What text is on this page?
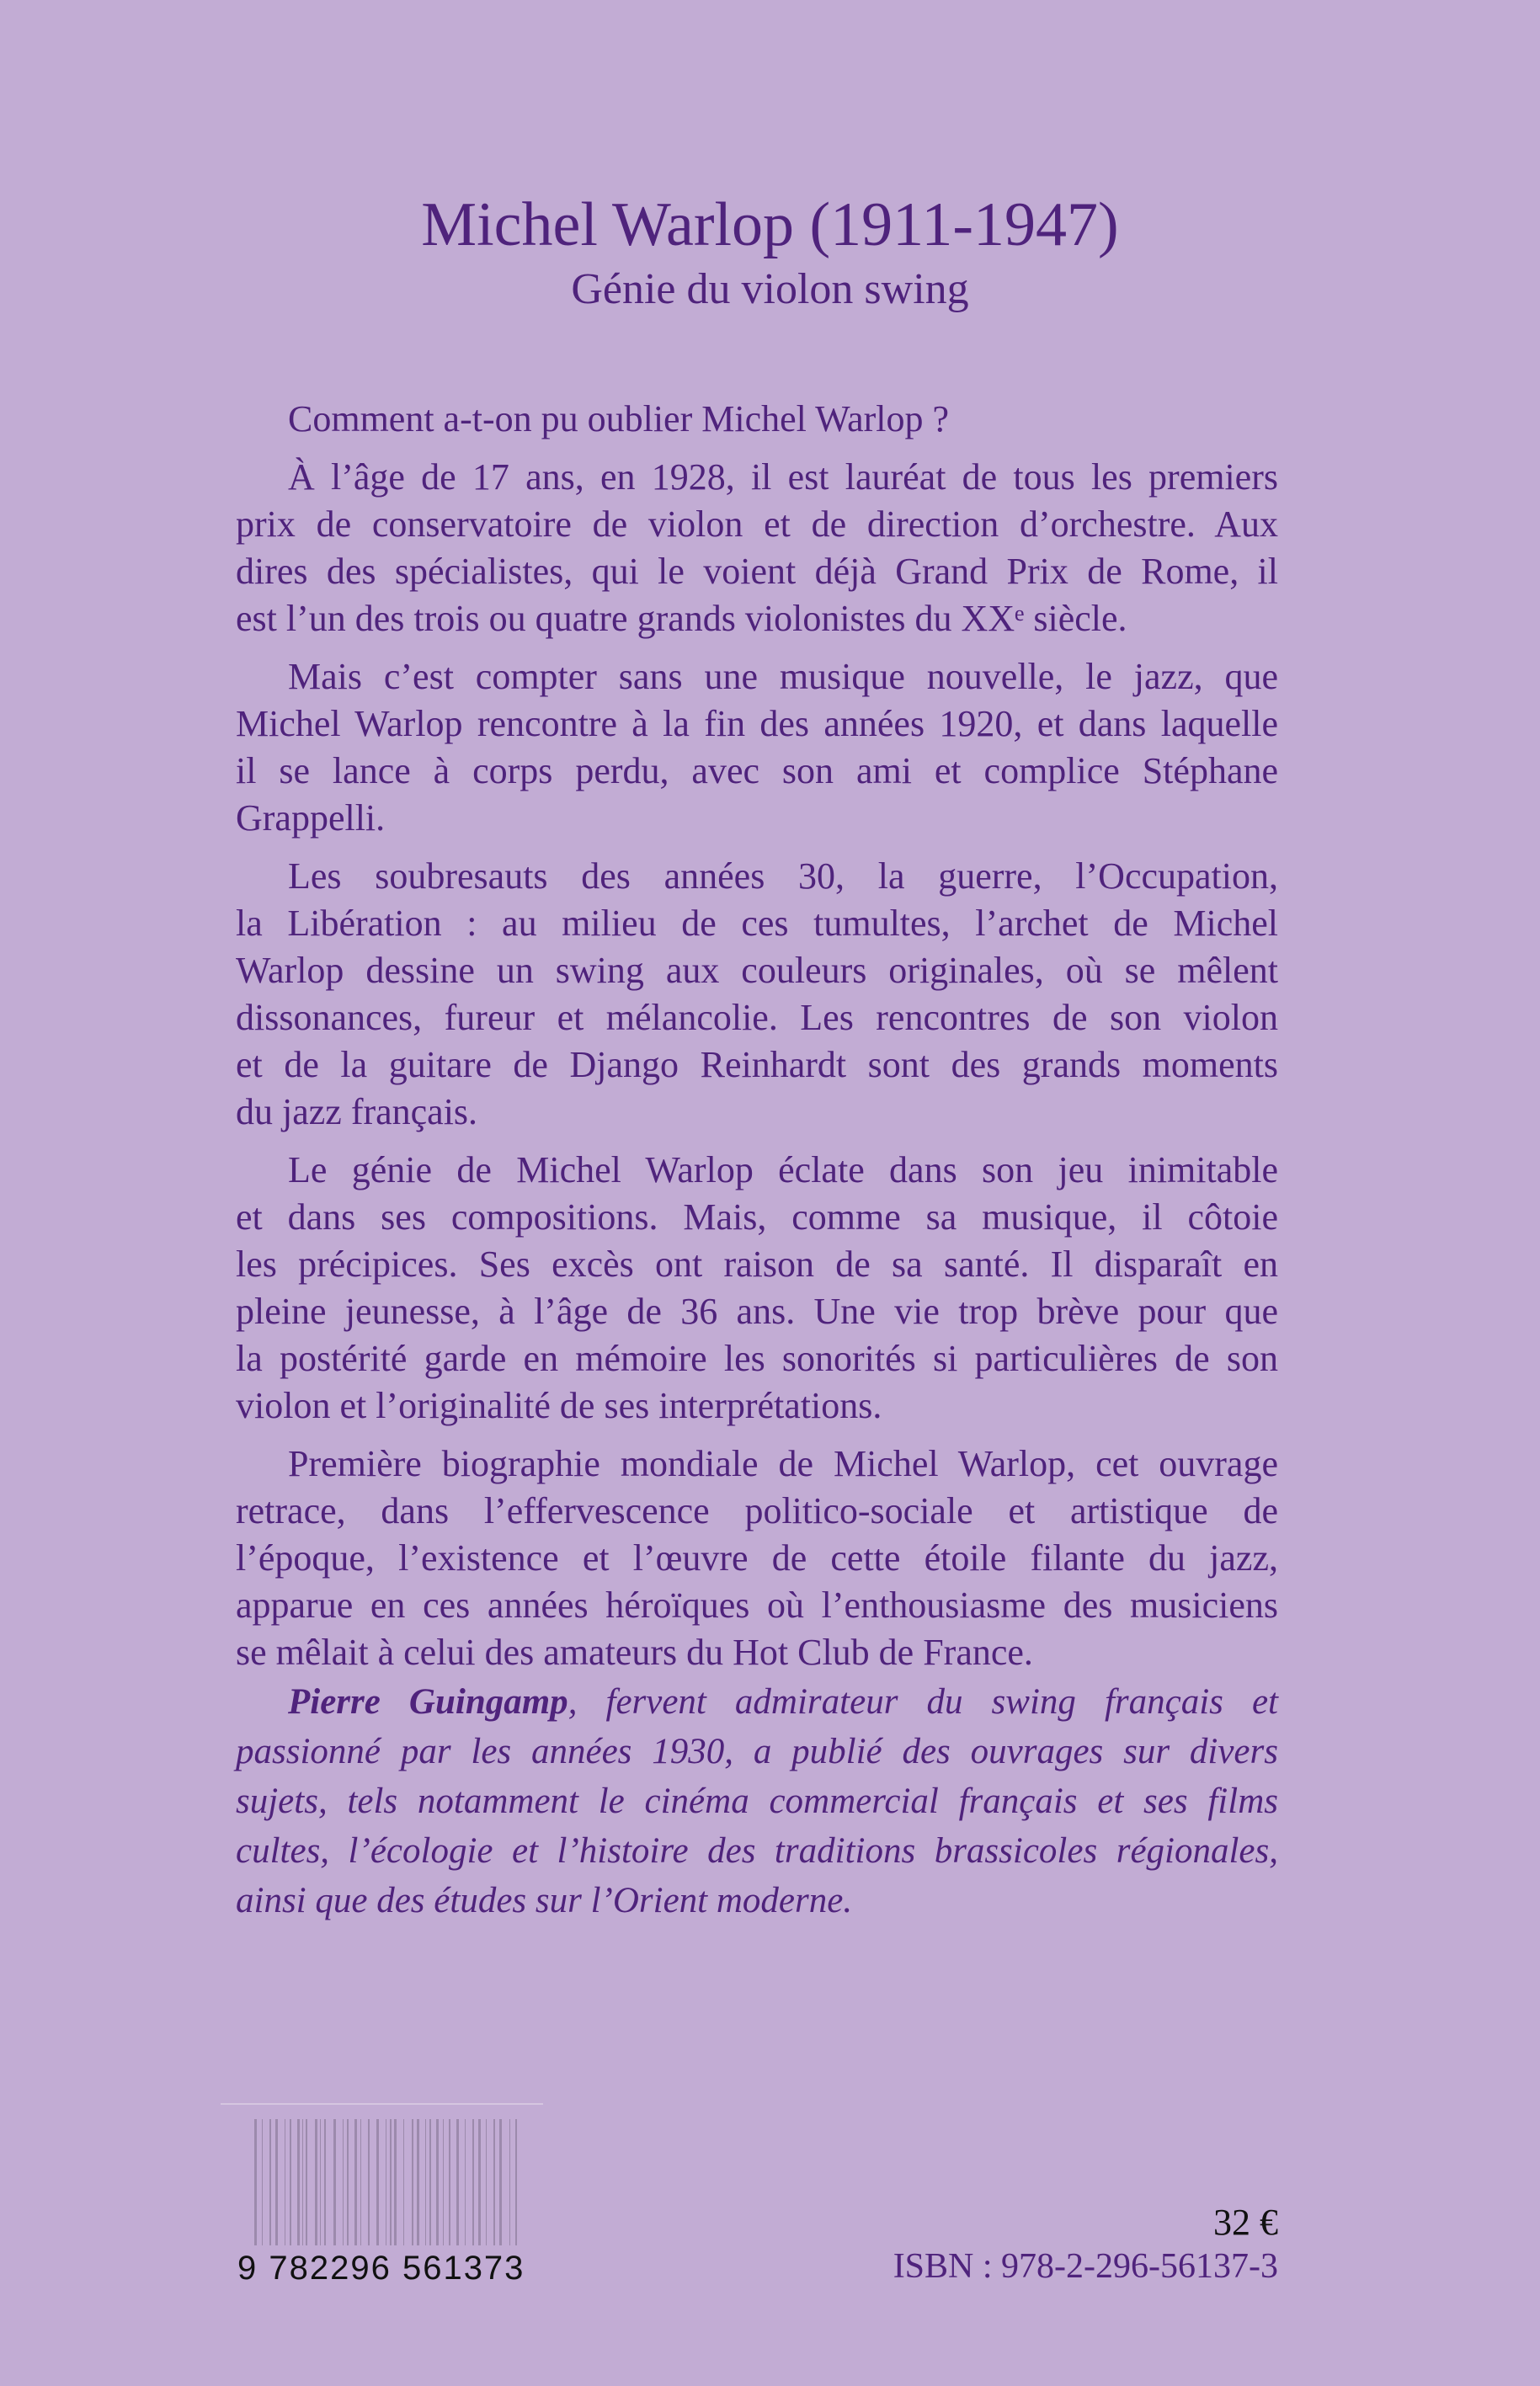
Michel Warlop (1911-1947)
Génie du violon swing
Comment a-t-on pu oublier Michel Warlop ?
À l’âge de 17 ans, en 1928, il est lauréat de tous les premiers
prix de conservatoire de violon et de direction d’orchestre. Aux
dires des spécialistes, qui le voient déjà Grand Prix de Rome, il
est l’un des trois ou quatre grands violonistes du XXᵉ siècle.
Mais c’est compter sans une musique nouvelle, le jazz, que
Michel Warlop rencontre à la fin des années 1920, et dans laquelle
il se lance à corps perdu, avec son ami et complice Stéphane
Grappelli.
Les soubresauts des années 30, la guerre, l’Occupation,
la Libération : au milieu de ces tumultes, l’archet de Michel
Warlop dessine un swing aux couleurs originales, où se mêlent
dissonances, fureur et mélancolie. Les rencontres de son violon
et de la guitare de Django Reinhardt sont des grands moments
du jazz français.
Le génie de Michel Warlop éclate dans son jeu inimitable
et dans ses compositions. Mais, comme sa musique, il côtoie
les précipices. Ses excès ont raison de sa santé. Il disparaît en
pleine jeunesse, à l’âge de 36 ans. Une vie trop brève pour que
la postérité garde en mémoire les sonorités si particulières de son
violon et l’originalité de ses interprétations.
Première biographie mondiale de Michel Warlop, cet ouvrage
retrace, dans l’effervescence politico-sociale et artistique de
l’époque, l’existence et l’œuvre de cette étoile filante du jazz,
apparue en ces années héroïques où l’enthousiasme des musiciens
se mêlait à celui des amateurs du Hot Club de France.
Pierre Guingamp, fervent admirateur du swing français et
passionné par les années 1930, a publié des ouvrages sur divers
sujets, tels notamment le cinéma commercial français et ses films
cultes, l’écologie et l’histoire des traditions brassicoles régionales,
ainsi que des études sur l’Orient moderne.
9 782296 561373
32 €
ISBN : 978-2-296-56137-3
